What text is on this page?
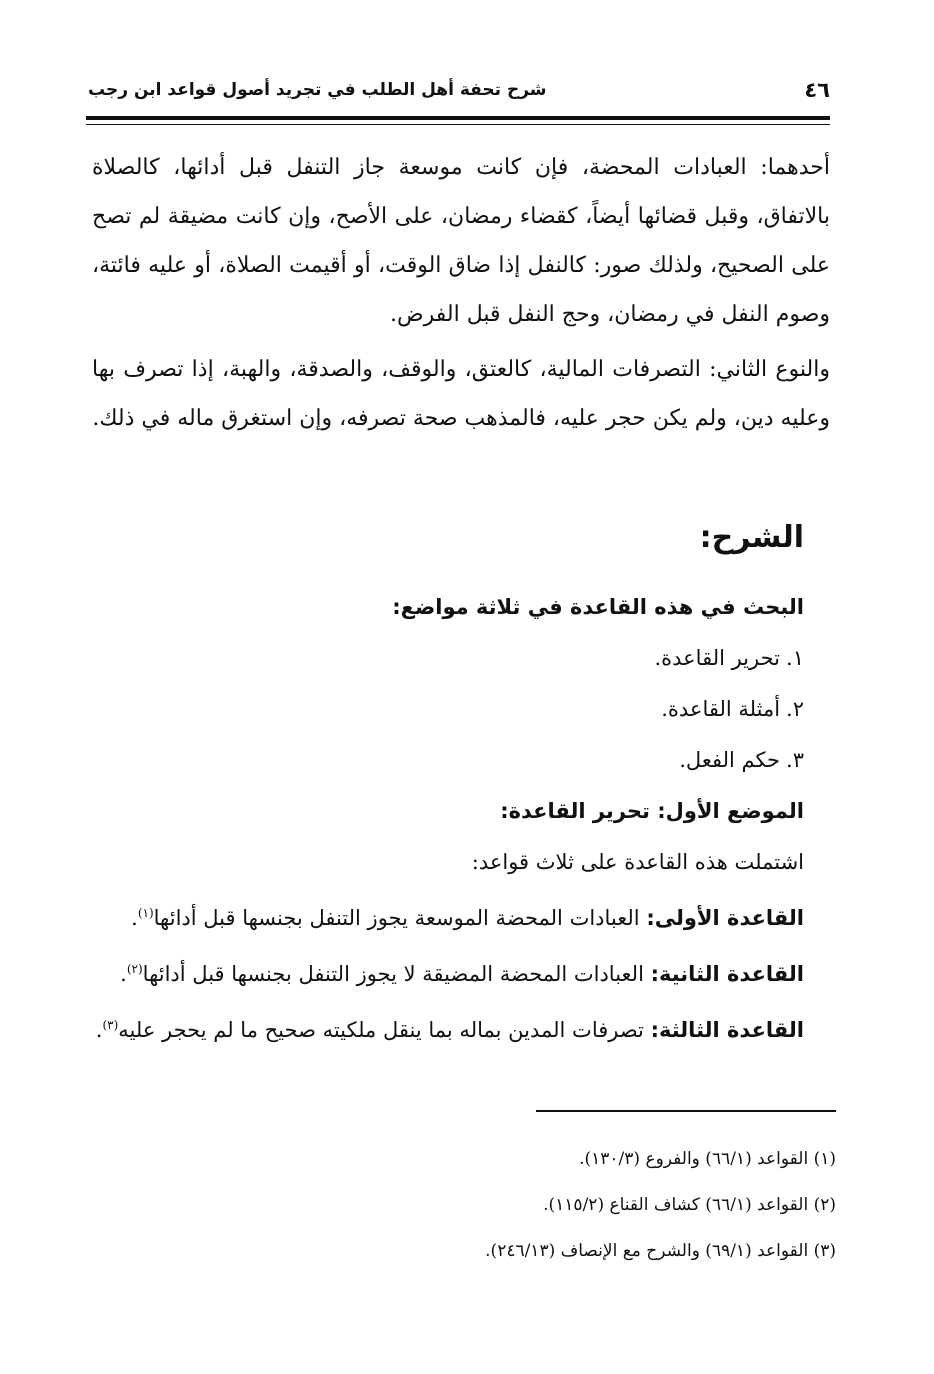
٤٦
شرح تحفة أهل الطلب في تجريد أصول قواعد ابن رجب

أحدهما: العبادات المحضة، فإن كانت موسعة جاز التنفل قبل أدائها، كالصلاة بالاتفاق، وقبل قضائها أيضاً، كقضاء رمضان، على الأصح، وإن كانت مضيقة لم تصح على الصحيح، ولذلك صور: كالنفل إذا ضاق الوقت، أو أقيمت الصلاة، أو عليه فائتة، وصوم النفل في رمضان، وحج النفل قبل الفرض.

والنوع الثاني: التصرفات المالية، كالعتق، والوقف، والصدقة، والهبة، إذا تصرف بها وعليه دين، ولم يكن حجر عليه، فالمذهب صحة تصرفه، وإن استغرق ماله في ذلك.

الشرح:
البحث في هذه القاعدة في ثلاثة مواضع:
١.تحرير القاعدة.
٢.أمثلة القاعدة.
٣.حكم الفعل.
الموضع الأول: تحرير القاعدة:
اشتملت هذه القاعدة على ثلاث قواعد:
القاعدة الأولى: العبادات المحضة الموسعة يجوز التنفل بجنسها قبل أدائها$^{(١)}$.
القاعدة الثانية: العبادات المحضة المضيقة لا يجوز التنفل بجنسها قبل أدائها$^{(٢)}$.
القاعدة الثالثة: تصرفات المدين بماله بما ينقل ملكيته صحيح ما لم يحجر عليه$^{(٣)}$.
(١) القواعد (٦٦/١) والفروع (١٣٠/٣).
(٢) القواعد (٦٦/١) كشاف القناع (١١٥/٢).
(٣) القواعد (٦٩/١) والشرح مع الإنصاف (٢٤٦/١٣).
